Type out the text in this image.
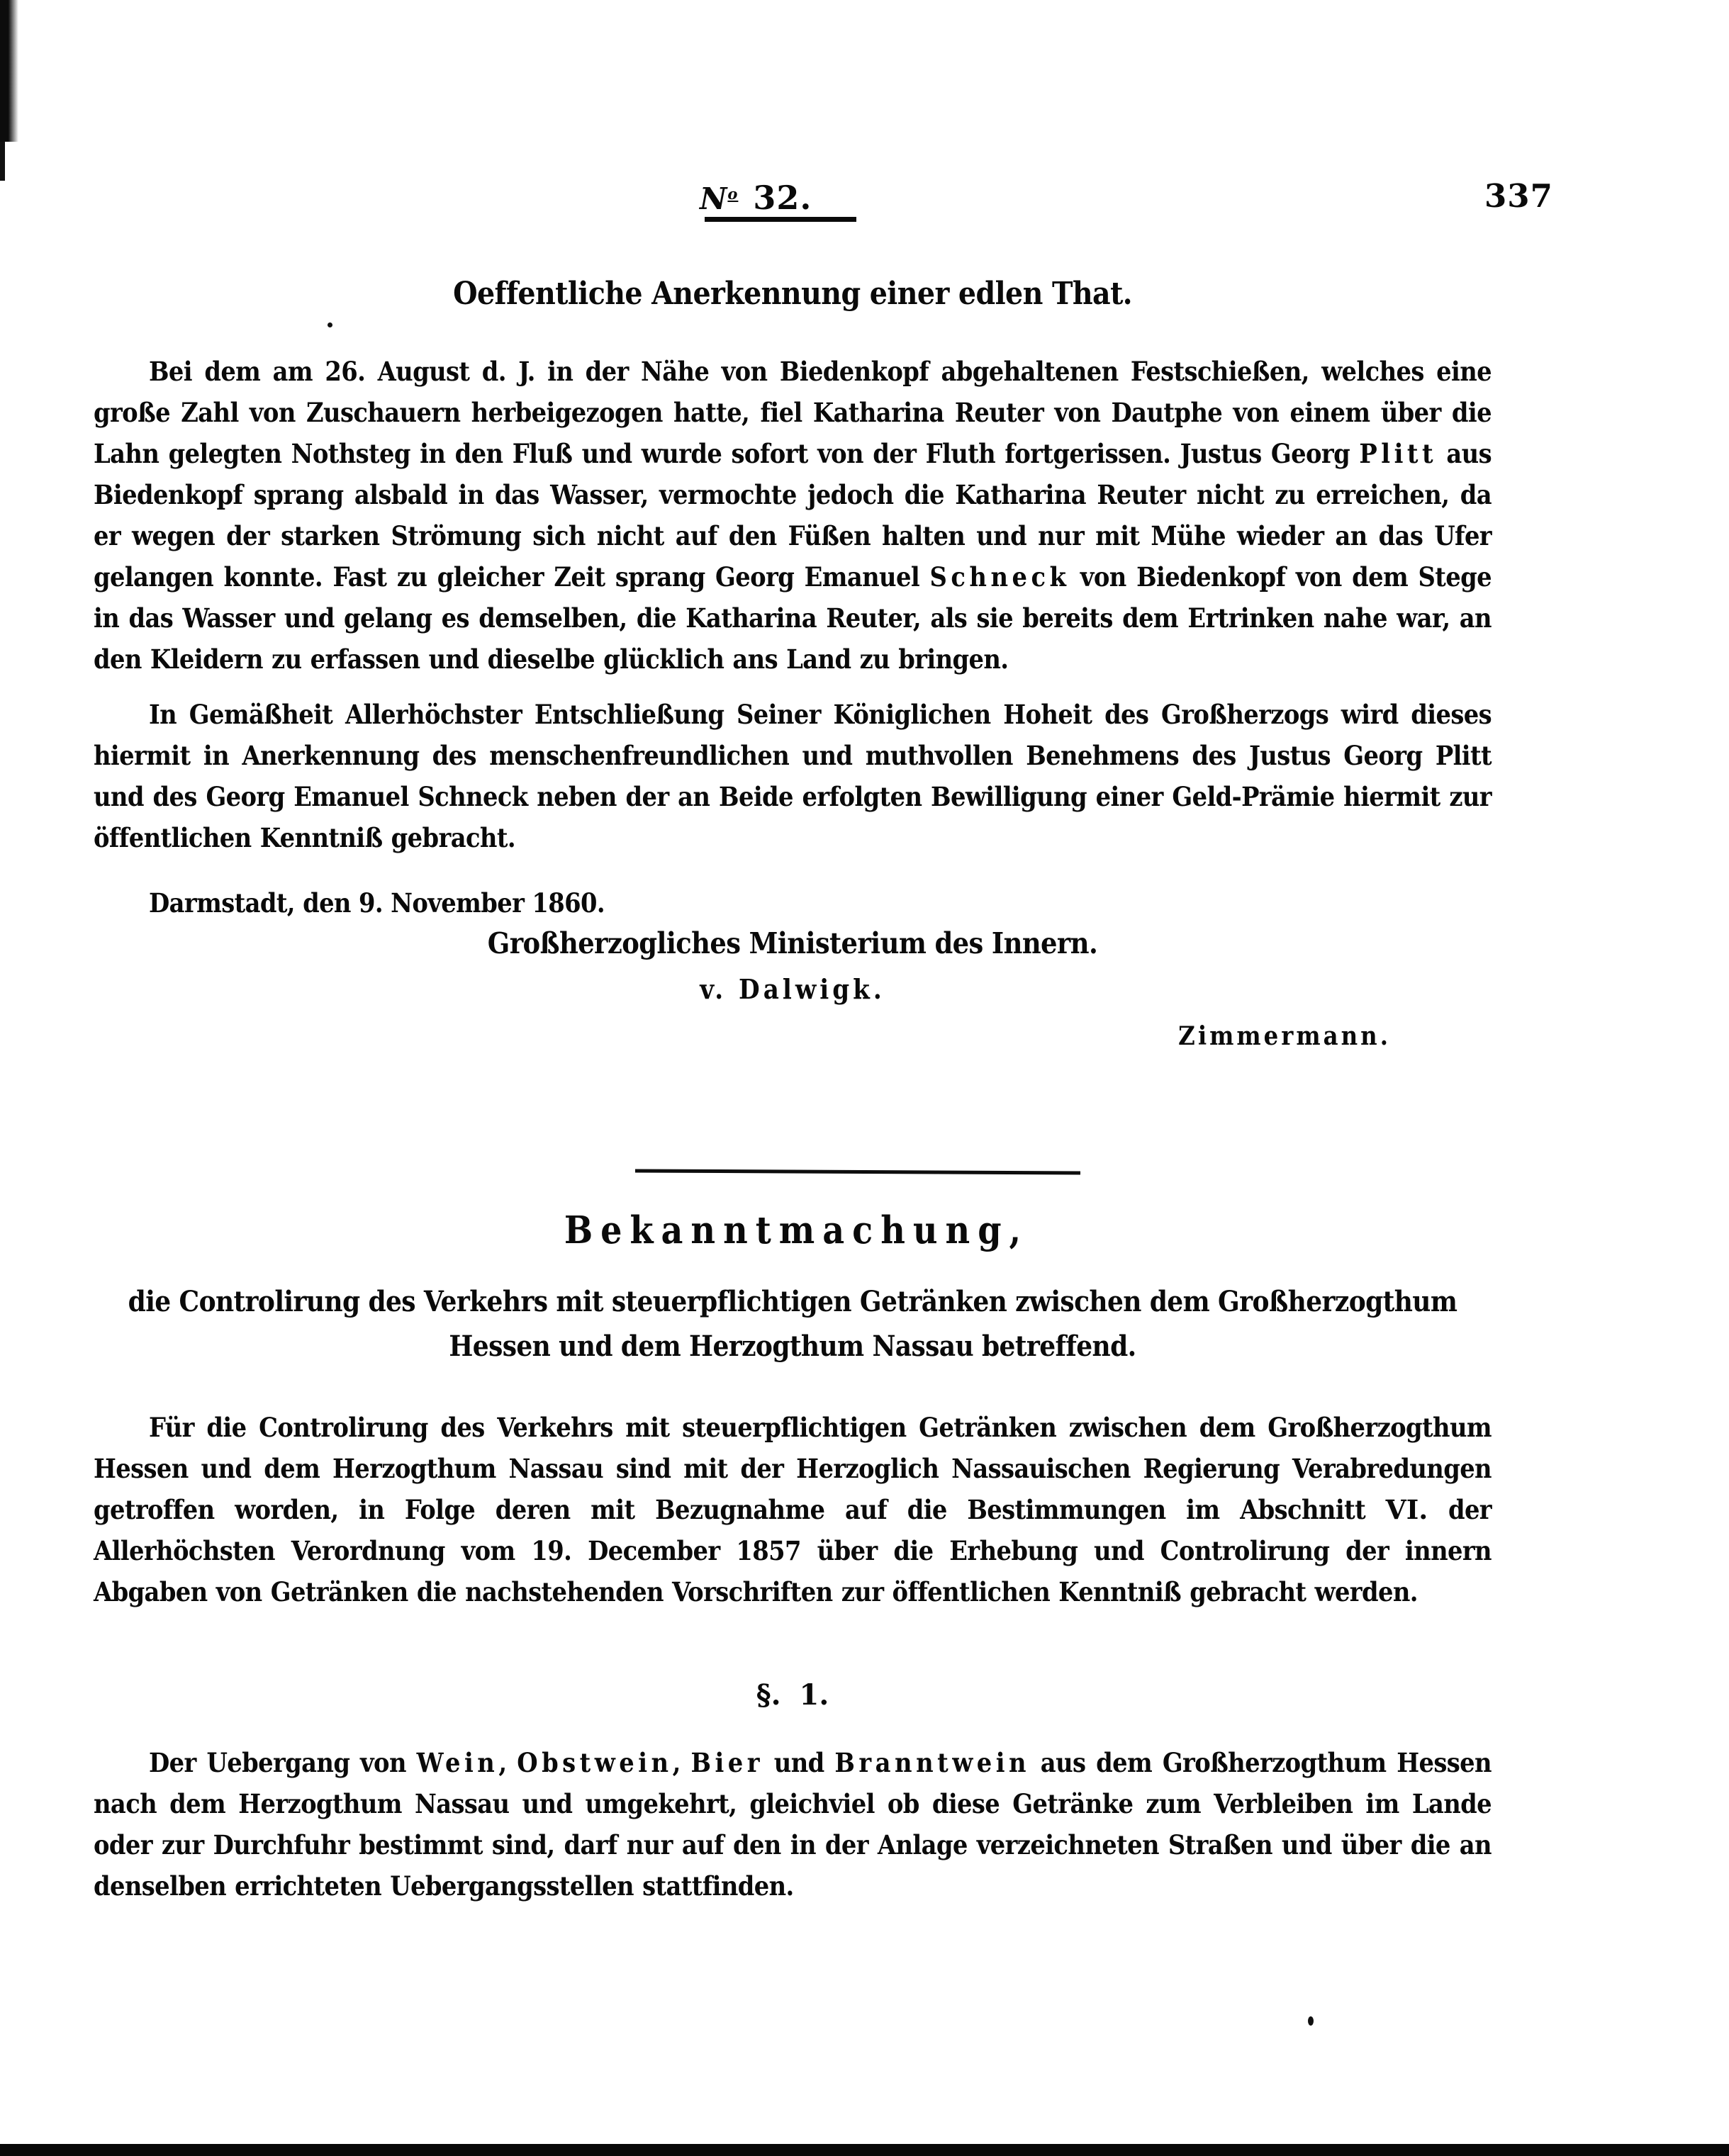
$N^o$ 32.	337
Oeffentliche Anerkennung einer edlen That.

Bei dem am 26. August d. J. in der Nähe von Biedenkopf abgehaltenen Festschießen, welches eine große Zahl von Zuschauern herbeigezogen hatte, fiel Katharina Reuter von Dautphe von einem über die Lahn gelegten Nothsteg in den Fluß und wurde sofort von der Fluth fortgerissen. Justus Georg Plitt aus Biedenkopf sprang alsbald in das Wasser, vermochte jedoch die Katharina Reuter nicht zu erreichen, da er wegen der starken Strömung sich nicht auf den Füßen halten und nur mit Mühe wieder an das Ufer gelangen konnte. Fast zu gleicher Zeit sprang Georg Emanuel Schneck von Biedenkopf von dem Stege in das Wasser und gelang es demselben, die Katharina Reuter, als sie bereits dem Ertrinken nahe war, an den Kleidern zu erfassen und dieselbe glücklich ans Land zu bringen.

In Gemäßheit Allerhöchster Entschließung Seiner Königlichen Hoheit des Großherzogs wird dieses hiermit in Anerkennung des menschenfreundlichen und muthvollen Benehmens des Justus Georg Plitt und des Georg Emanuel Schneck neben der an Beide erfolgten Bewilligung einer Geld-Prämie hiermit zur öffentlichen Kenntniß gebracht.

Darmstadt, den 9. November 1860.
Großherzogliches Ministerium des Innern.
v. Dalwigk.
Zimmermann.
Bekanntmachung,
die Controlirung des Verkehrs mit steuerpflichtigen Getränken zwischen dem Großherzogthum
Hessen und dem Herzogthum Nassau betreffend.

Für die Controlirung des Verkehrs mit steuerpflichtigen Getränken zwischen dem Großherzogthum Hessen und dem Herzogthum Nassau sind mit der Herzoglich Nassauischen Regierung Verabredungen getroffen worden, in Folge deren mit Bezugnahme auf die Bestimmungen im Abschnitt VI. der Allerhöchsten Verordnung vom 19. December 1857 über die Erhebung und Controlirung der innern Abgaben von Getränken die nachstehenden Vorschriften zur öffentlichen Kenntniß gebracht werden.

§. 1.

Der Uebergang von Wein, Obstwein, Bier und Branntwein aus dem Großherzogthum Hessen nach dem Herzogthum Nassau und umgekehrt, gleichviel ob diese Getränke zum Verbleiben im Lande oder zur Durchfuhr bestimmt sind, darf nur auf den in der Anlage verzeichneten Straßen und über die an denselben errichteten Uebergangsstellen stattfinden.
